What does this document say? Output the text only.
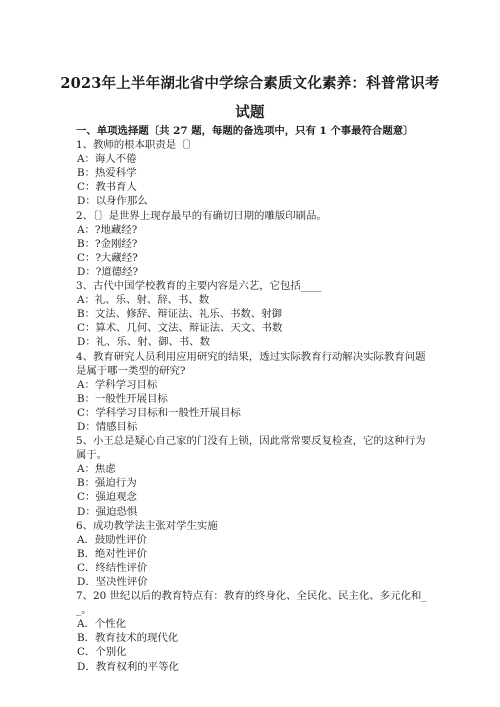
2023年上半年湖北省中学综合素质文化素养：科普常识考
试题
一、单项选择题〔共 27 题，每题的备选项中，只有 1 个事最符合题意〕
1、教师的根本职责是〔〕
A：诲人不倦
B：热爱科学
C：教书育人
D：以身作那么
2、〔〕是世界上现存最早的有确切日期的雕版印刷品。
A：?地藏经?
B：?金刚经?
C：?大藏经?
D：?道德经?
3、古代中国学校教育的主要内容是六艺，它包括____
A：礼、乐、射、辞、书、数
B：文法、修辞、辩证法、礼乐、书数、射御
C：算术、几何、文法、辩证法、天文、书数
D：礼、乐、射、御、书、数
4、教育研究人员利用应用研究的结果，透过实际教育行动解决实际教育问题是属于哪一类型的研究?
A：学科学习目标
B：一般性开展目标
C：学科学习目标和一般性开展目标
D：情感目标
5、小王总是疑心自己家的门没有上锁，因此常常要反复检查，它的这种行为属于。
A：焦虑
B：强迫行为
C：强迫观念
D：强迫恐惧
6、成功教学法主张对学生实施
A．鼓励性评价
B．绝对性评价
C．终结性评价
D．坚决性评价
7、20 世纪以后的教育特点有：教育的终身化、全民化、民主化、多元化和__。
A．个性化
B．教育技术的现代化
C．个别化
D．教育权利的平等化
